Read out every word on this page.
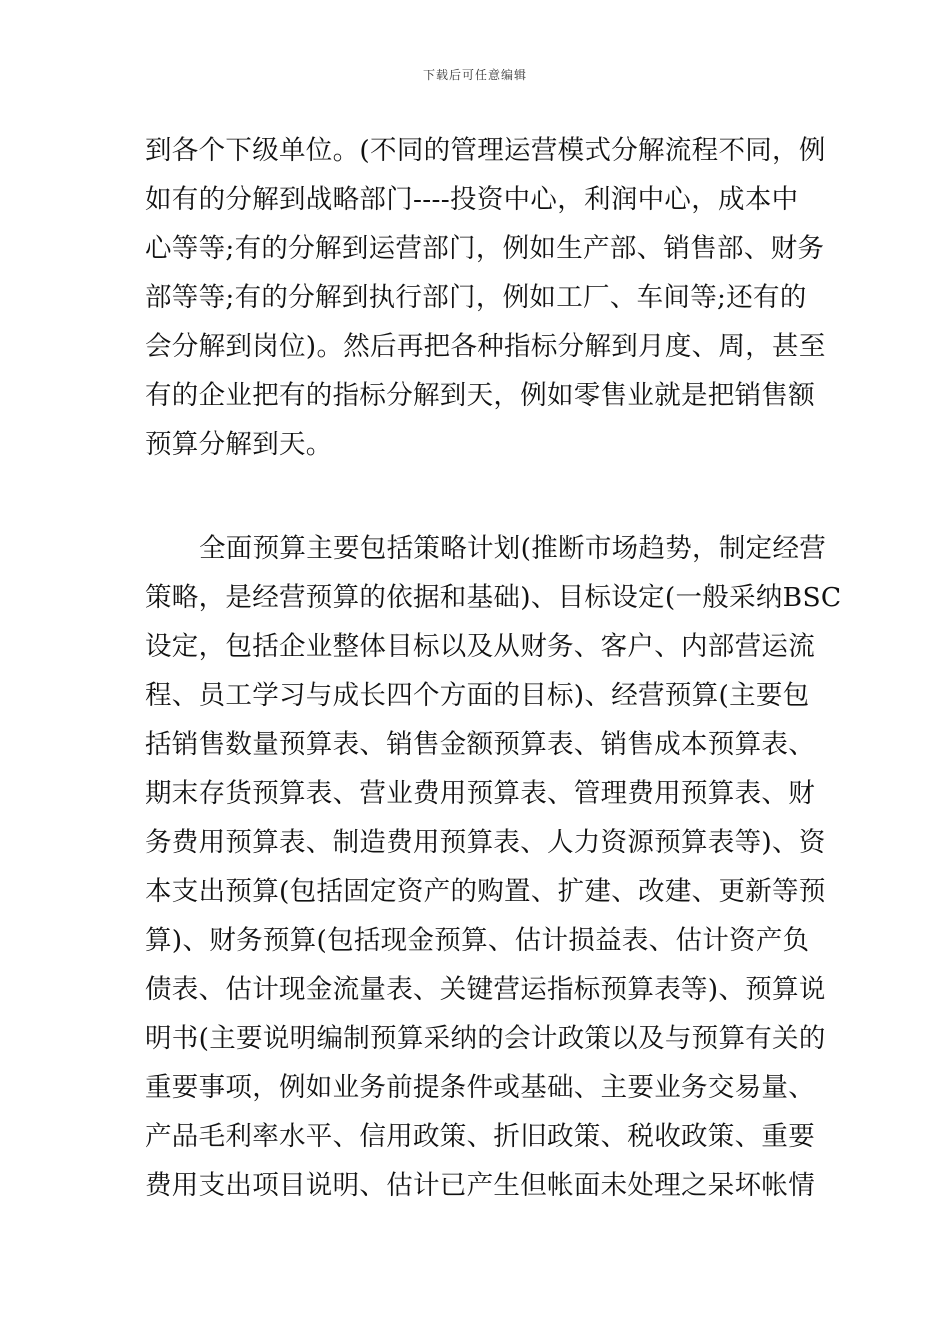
下载后可任意编辑
到各个下级单位。(不同的管理运营模式分解流程不同，例
如有的分解到战略部门----投资中心，利润中心，成本中
心等等;有的分解到运营部门，例如生产部、销售部、财务
部等等;有的分解到执行部门，例如工厂、车间等;还有的
会分解到岗位)。然后再把各种指标分解到月度、周，甚至
有的企业把有的指标分解到天，例如零售业就是把销售额
预算分解到天。
全面预算主要包括策略计划(推断市场趋势，制定经营
策略，是经营预算的依据和基础)、目标设定(一般采纳BSC
设定，包括企业整体目标以及从财务、客户、内部营运流
程、员工学习与成长四个方面的目标)、经营预算(主要包
括销售数量预算表、销售金额预算表、销售成本预算表、
期末存货预算表、营业费用预算表、管理费用预算表、财
务费用预算表、制造费用预算表、人力资源预算表等)、资
本支出预算(包括固定资产的购置、扩建、改建、更新等预
算)、财务预算(包括现金预算、估计损益表、估计资产负
债表、估计现金流量表、关键营运指标预算表等)、预算说
明书(主要说明编制预算采纳的会计政策以及与预算有关的
重要事项，例如业务前提条件或基础、主要业务交易量、
产品毛利率水平、信用政策、折旧政策、税收政策、重要
费用支出项目说明、估计已产生但帐面未处理之呆坏帐情
